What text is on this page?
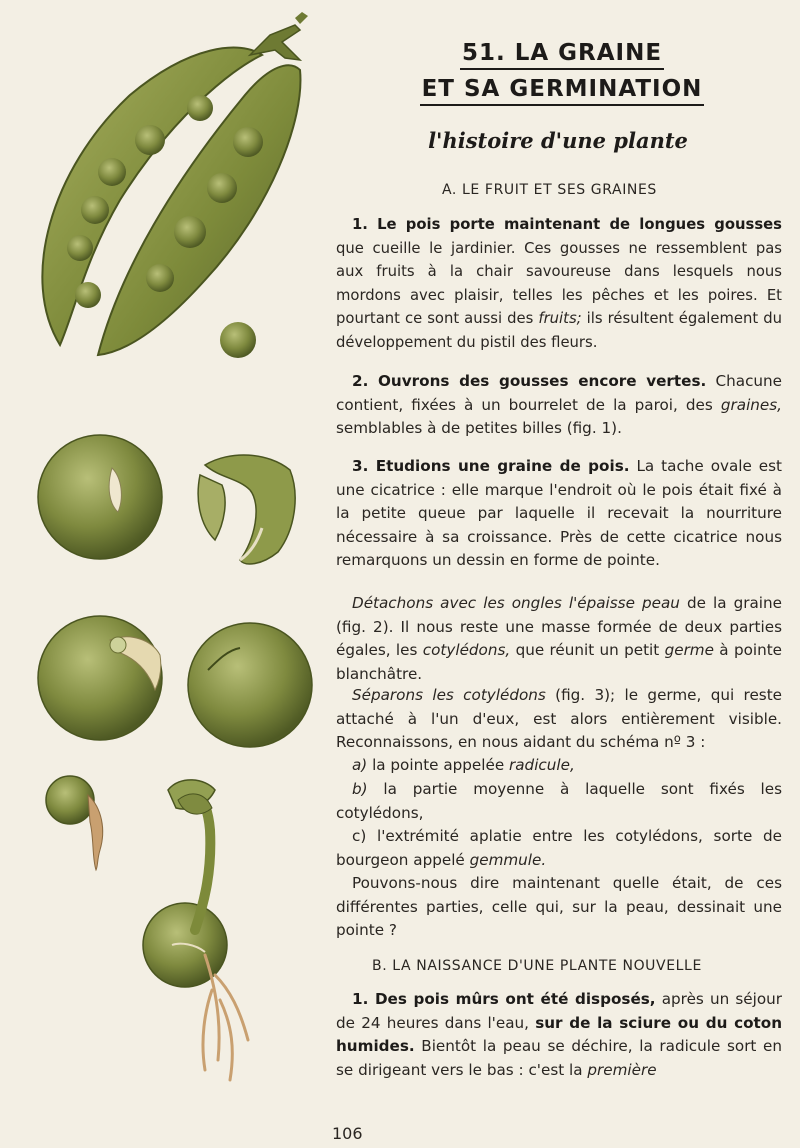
51. LA GRAINE
ET SA GERMINATION
l'histoire d'une plante
A. LE FRUIT ET SES GRAINES
1. Le pois porte maintenant de longues gousses que cueille le jardinier. Ces gousses ne ressemblent pas aux fruits à la chair savoureuse dans lesquels nous mordons avec plaisir, telles les pêches et les poires. Et pourtant ce sont aussi des fruits; ils résultent également du développement du pistil des fleurs.
2. Ouvrons des gousses encore vertes. Chacune contient, fixées à un bourrelet de la paroi, des graines, semblables à de petites billes (fig. 1).
3. Etudions une graine de pois. La tache ovale est une cicatrice : elle marque l'endroit où le pois était fixé à la petite queue par laquelle il recevait la nourriture nécessaire à sa croissance. Près de cette cicatrice nous remarquons un dessin en forme de pointe.
Détachons avec les ongles l'épaisse peau de la graine (fig. 2). Il nous reste une masse formée de deux parties égales, les cotylédons, que réunit un petit germe à pointe blanchâtre.
Séparons les cotylédons (fig. 3); le germe, qui reste attaché à l'un d'eux, est alors entièrement visible. Reconnaissons, en nous aidant du schéma nº 3 :
a) la pointe appelée radicule,
b) la partie moyenne à laquelle sont fixés les cotylédons,
c) l'extrémité aplatie entre les cotylédons, sorte de bourgeon appelé gemmule.
Pouvons-nous dire maintenant quelle était, de ces différentes parties, celle qui, sur la peau, dessinait une pointe ?
B. LA NAISSANCE D'UNE PLANTE NOUVELLE
1. Des pois mûrs ont été disposés, après un séjour de 24 heures dans l'eau, sur de la sciure ou du coton humides. Bientôt la peau se déchire, la radicule sort en se dirigeant vers le bas : c'est la première
106
